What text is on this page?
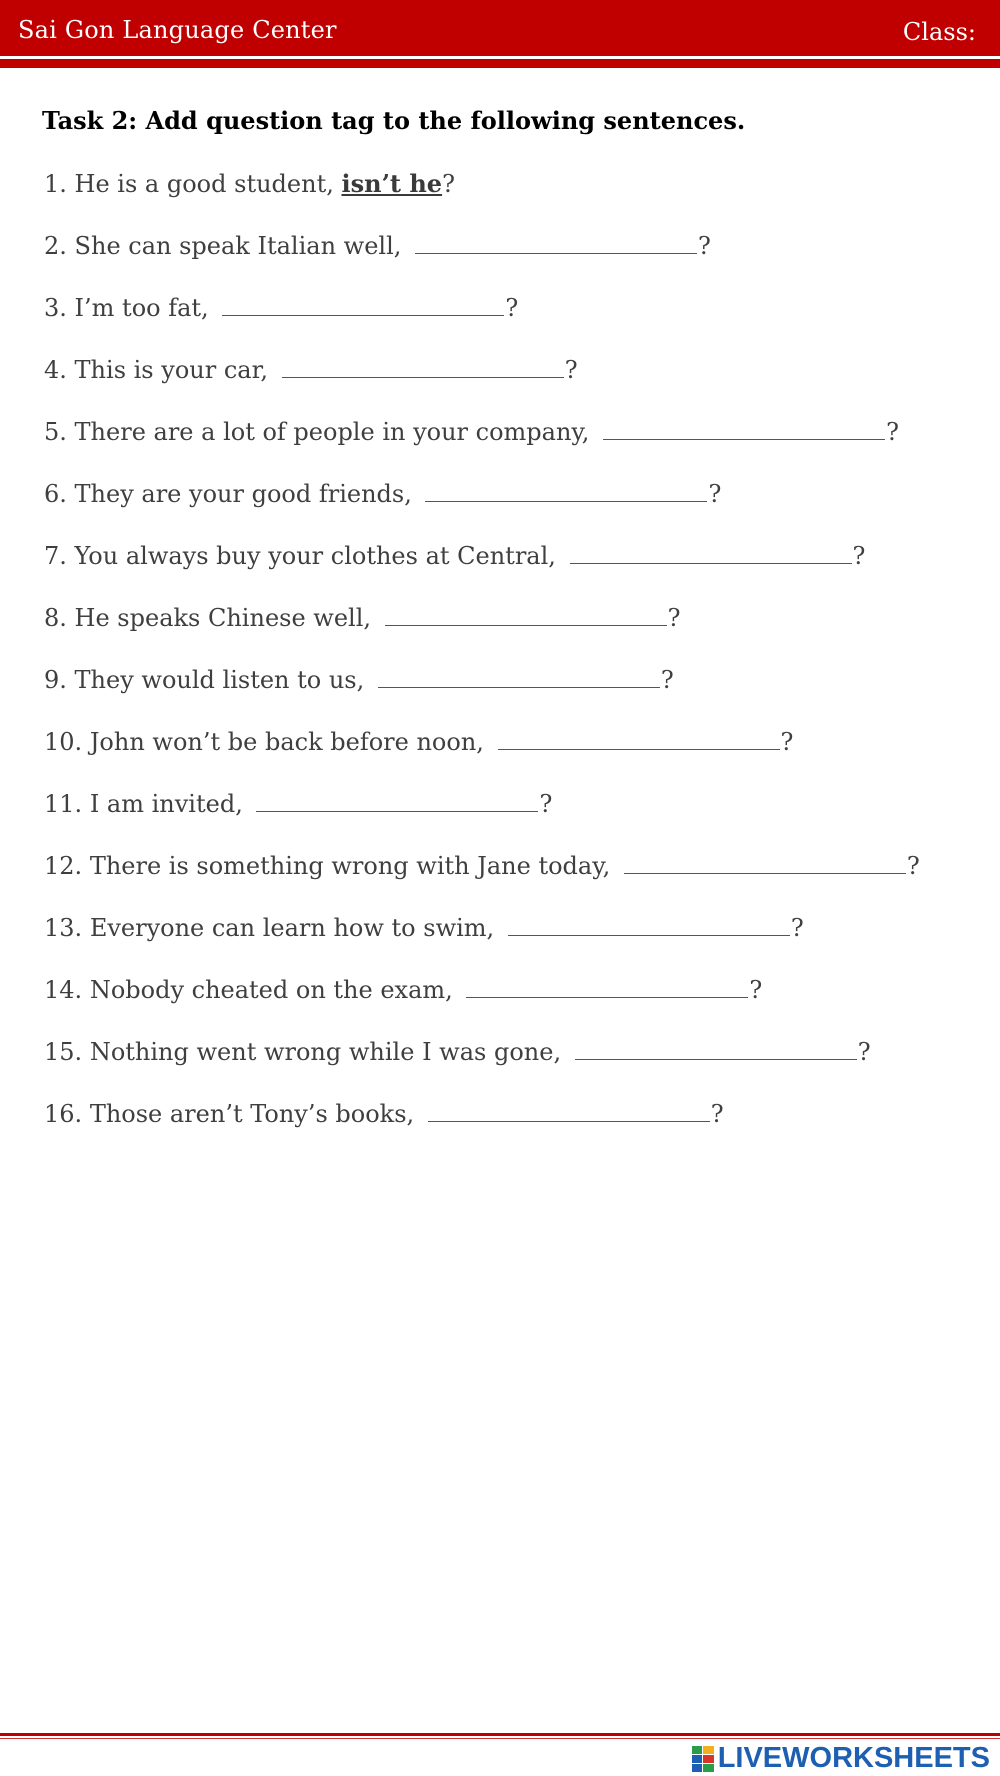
Sai Gon Language Center	Class:
Task 2: Add question tag to the following sentences.
1. He is a good student, isn’t he?
2. She can speak Italian well,	?
3. I’m too fat,	?
4. This is your car,	?
5. There are a lot of people in your company,	?
6. They are your good friends,	?
7. You always buy your clothes at Central,	?
8. He speaks Chinese well,	?
9. They would listen to us,	?
10. John won’t be back before noon,	?
11. I am invited,	?
12. There is something wrong with Jane today,	?
13. Everyone can learn how to swim,	?
14. Nobody cheated on the exam,	?
15. Nothing went wrong while I was gone,	?
16. Those aren’t Tony’s books,	?
LIVEWORKSHEETS
